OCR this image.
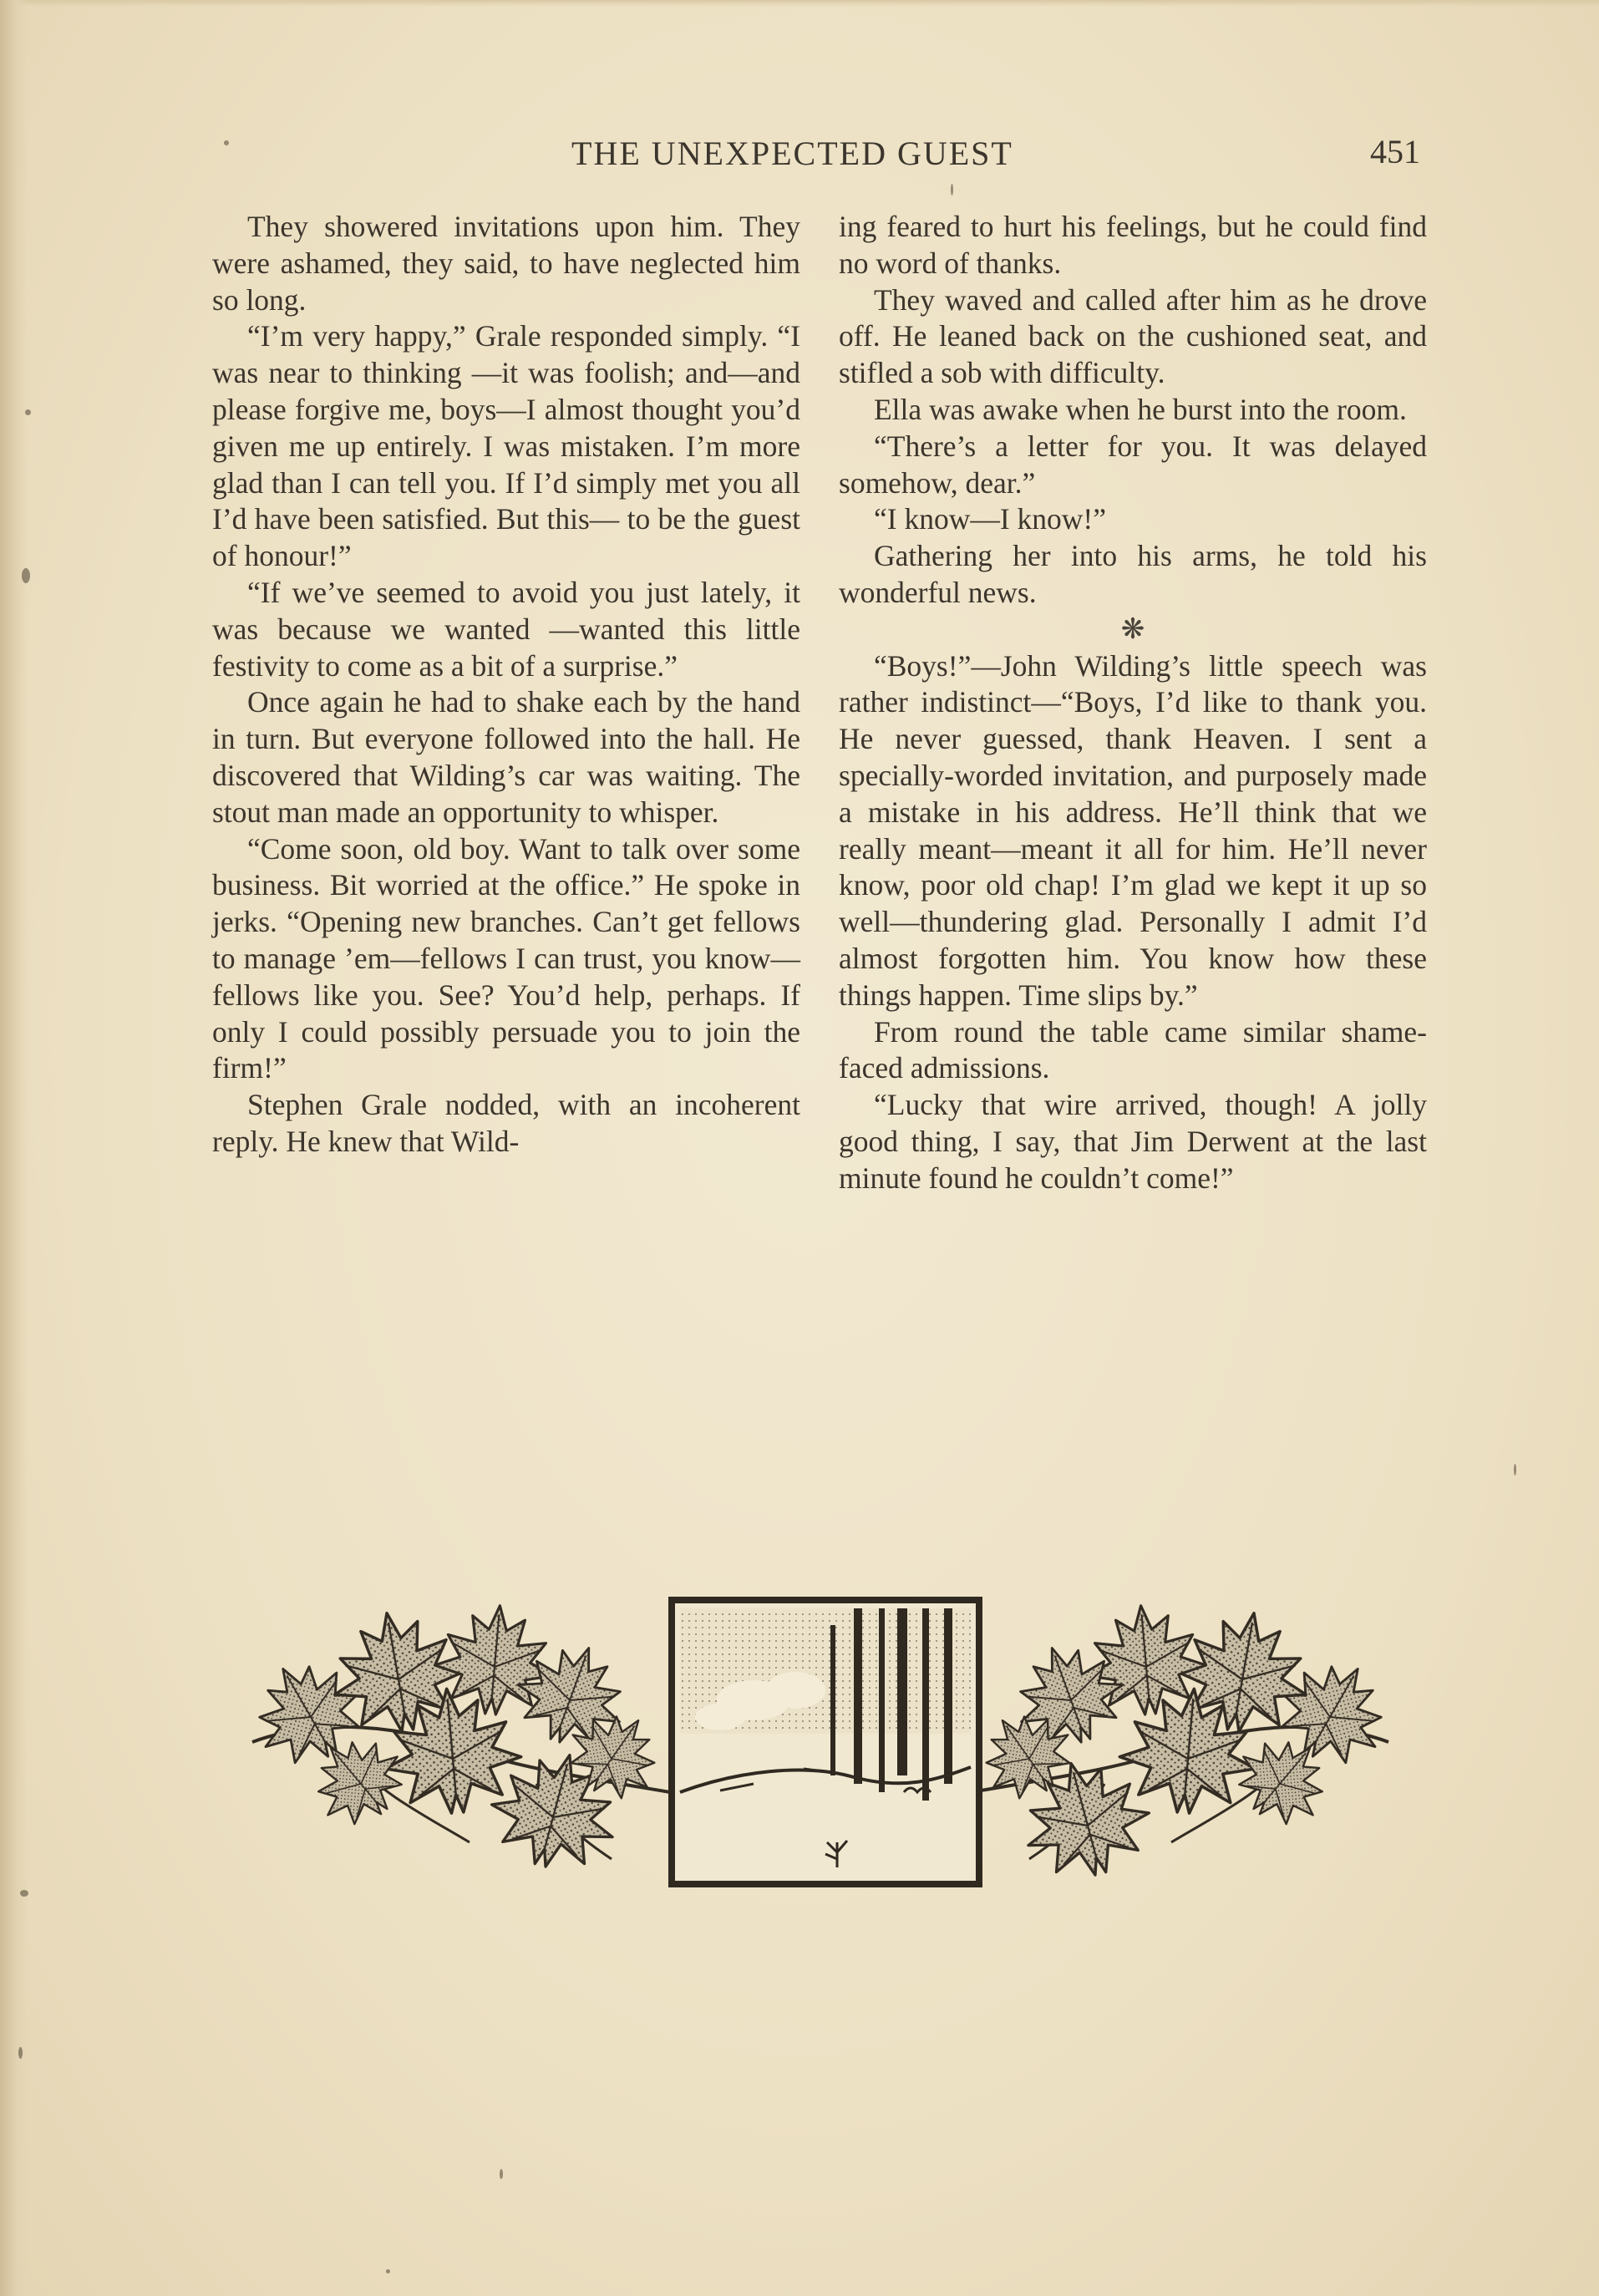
THE UNEXPECTED GUEST	451

They showered invitations upon him. They were ashamed, they said, to have neglected him so long.

“I’m very happy,” Grale responded simply. “I was near to thinking —it was foolish; and—and please forgive me, boys—I almost thought you’d given me up entirely. I was mistaken. I’m more glad than I can tell you. If I’d simply met you all I’d have been satisfied. But this— to be the guest of honour!”

“If we’ve seemed to avoid you just lately, it was because we wanted —wanted this little festivity to come as a bit of a surprise.”

Once again he had to shake each by the hand in turn. But everyone followed into the hall. He discovered that Wilding’s car was waiting. The stout man made an opportunity to whisper.

“Come soon, old boy. Want to talk over some business. Bit worried at the office.” He spoke in jerks. “Opening new branches. Can’t get fellows to manage ’em—fellows I can trust, you know—fellows like you. See? You’d help, perhaps. If only I could possibly persuade you to join the firm!”

Stephen Grale nodded, with an incoherent reply. He knew that Wild-

ing feared to hurt his feelings, but he could find no word of thanks.

They waved and called after him as he drove off. He leaned back on the cushioned seat, and stifled a sob with difficulty.

Ella was awake when he burst into the room.

“There’s a letter for you. It was delayed somehow, dear.”

“I know—I know!”

Gathering her into his arms, he told his wonderful news.

❋

“Boys!”—John Wilding’s little speech was rather indistinct—“Boys, I’d like to thank you. He never guessed, thank Heaven. I sent a specially-worded invitation, and purposely made a mistake in his address. He’ll think that we really meant—meant it all for him. He’ll never know, poor old chap! I’m glad we kept it up so well—thundering glad. Personally I admit I’d almost forgotten him. You know how these things happen. Time slips by.”

From round the table came similar shame-faced admissions.

“Lucky that wire arrived, though! A jolly good thing, I say, that Jim Derwent at the last minute found he couldn’t come!”
